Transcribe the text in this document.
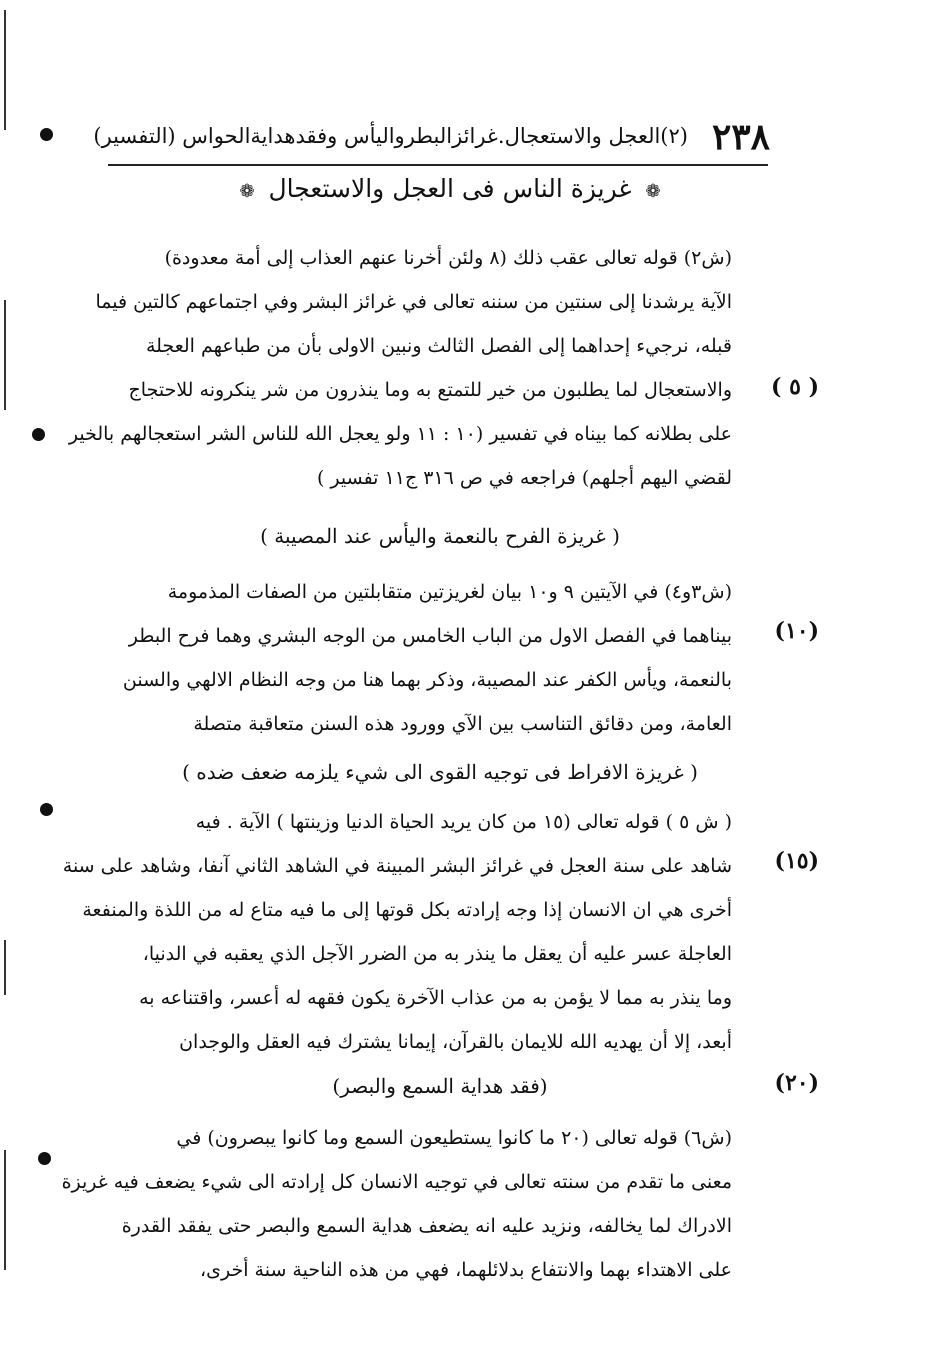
(٢)العجل والاستعجال.غرائزالبطروالیأس وفقدهدایةالحواس (التفسیر) ٢٣٨
❁ غريزة الناس فى العجل والاستعجال ❁
(ش٢) قوله تعالى عقب ذلك (٨ ولئن أخرنا عنهم العذاب إلى أمة معدودة)
الآية يرشدنا إلى سنتين من سننه تعالى في غرائز البشر وفي اجتماعهم كالتين فيما
قبله، نرجيء إحداهما إلى الفصل الثالث ونبين الاولى بأن من طباعهم العجلة
والاستعجال لما يطلبون من خير للتمتع به وما ينذرون من شر ينكرونه للاحتجاج
على بطلانه كما بيناه في تفسير (١٠ : ١١ ولو يعجل الله للناس الشر استعجالهم بالخير
لقضي اليهم أجلهم) فراجعه في ص ٣١٦ ج١١ تفسير )
( غريزة الفرح بالنعمة واليأس عند المصيبة )
(ش٣و٤) في الآيتين ٩ و١٠ بيان لغريزتين متقابلتين من الصفات المذمومة
بيناهما في الفصل الاول من الباب الخامس من الوجه البشري وهما فرح البطر
بالنعمة، ويأس الكفر عند المصيبة، وذكر بهما هنا من وجه النظام الالهي والسنن
العامة، ومن دقائق التناسب بين الآي وورود هذه السنن متعاقبة متصلة
( غريزة الافراط فى توجيه القوى الى شيء يلزمه ضعف ضده )
( ش ٥ ) قوله تعالى (١٥ من كان يريد الحياة الدنيا وزينتها ) الآية . فيه
شاهد على سنة العجل في غرائز البشر المبينة في الشاهد الثاني آنفا، وشاهد على سنة
أخرى هي ان الانسان إذا وجه إرادته بكل قوتها إلى ما فيه متاع له من اللذة والمنفعة
العاجلة عسر عليه أن يعقل ما ينذر به من الضرر الآجل الذي يعقبه في الدنيا،
وما ينذر به مما لا يؤمن به من عذاب الآخرة يكون فقهه له أعسر، واقتناعه به
أبعد، إلا أن يهديه الله للايمان بالقرآن، إيمانا يشترك فيه العقل والوجدان
(فقد هداية السمع والبصر)
(ش٦) قوله تعالى (٢٠ ما كانوا يستطيعون السمع وما كانوا يبصرون) في
معنى ما تقدم من سنته تعالى في توجيه الانسان كل إرادته الى شيء يضعف فيه غريزة
الادراك لما يخالفه، ونزيد عليه انه يضعف هداية السمع والبصر حتى يفقد القدرة
على الاهتداء بهما والانتفاع بدلائلهما، فهي من هذه الناحية سنة أخرى،
( ٥ )
(١٠)
(١٥)
(٢٠)
